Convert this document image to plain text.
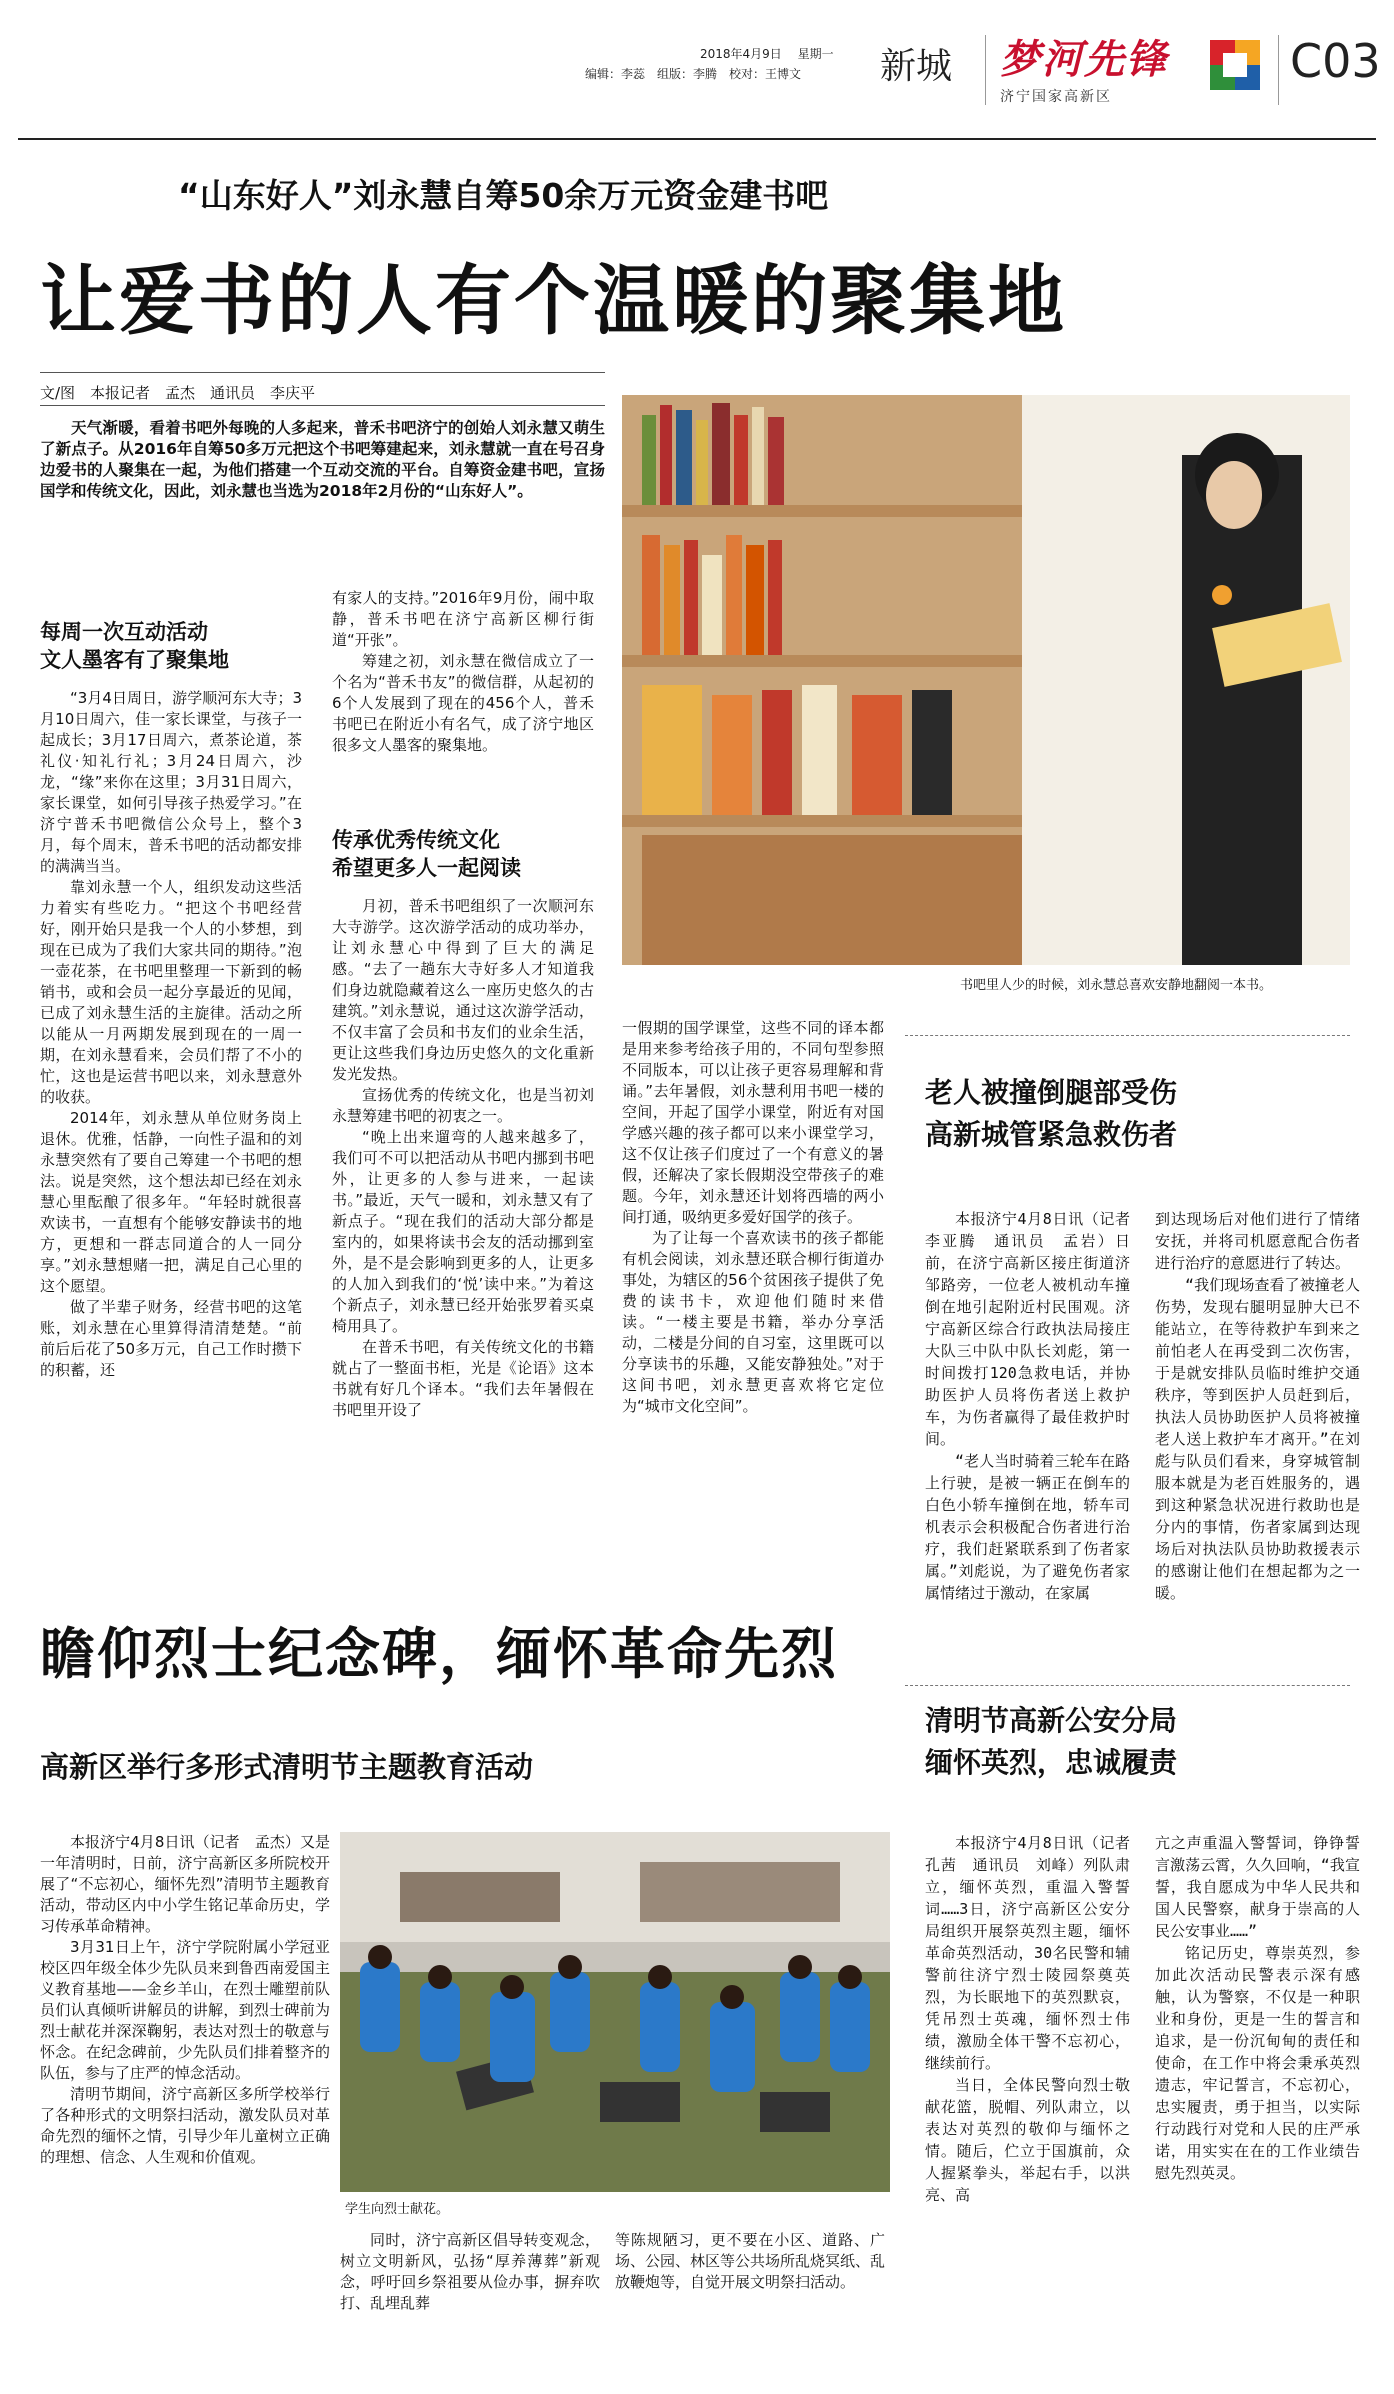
2018年4月9日　 星期一
编辑：李蕊　组版：李腾　校对：王博文 新城 梦河先锋
济宁国家高新区
C03
“山东好人”刘永慧自筹50余万元资金建书吧
让爱书的人有个温暖的聚集地
文/图　本报记者　孟杰　通讯员　李庆平
天气渐暖，看着书吧外每晚的人多起来，普禾书吧济宁的创始人刘永慧又萌生了新点子。从2016年自筹50多万元把这个书吧筹建起来，刘永慧就一直在号召身边爱书的人聚集在一起，为他们搭建一个互动交流的平台。自筹资金建书吧，宣扬国学和传统文化，因此，刘永慧也当选为2018年2月份的“山东好人”。
书吧里人少的时候，刘永慧总喜欢安静地翻阅一本书。
每周一次互动活动
文人墨客有了聚集地

“3月4日周日，游学顺河东大寺；3月10日周六，佳一家长课堂，与孩子一起成长；3月17日周六，煮茶论道，茶礼仪·知礼行礼；3月24日周六，沙龙，“缘”来你在这里；3月31日周六，家长课堂，如何引导孩子热爱学习。”在济宁普禾书吧微信公众号上，整个3月，每个周末，普禾书吧的活动都安排的满满当当。

靠刘永慧一个人，组织发动这些活力着实有些吃力。“把这个书吧经营好，刚开始只是我一个人的小梦想，到现在已成为了我们大家共同的期待。”泡一壶花茶，在书吧里整理一下新到的畅销书，或和会员一起分享最近的见闻，已成了刘永慧生活的主旋律。活动之所以能从一月两期发展到现在的一周一期，在刘永慧看来，会员们帮了不小的忙，这也是运营书吧以来，刘永慧意外的收获。

2014年，刘永慧从单位财务岗上退休。优雅，恬静，一向性子温和的刘永慧突然有了要自己筹建一个书吧的想法。说是突然，这个想法却已经在刘永慧心里酝酿了很多年。“年轻时就很喜欢读书，一直想有个能够安静读书的地方，更想和一群志同道合的人一同分享。”刘永慧想赌一把，满足自己心里的这个愿望。

做了半辈子财务，经营书吧的这笔账，刘永慧在心里算得清清楚楚。“前前后后花了50多万元，自己工作时攒下的积蓄，还

有家人的支持。”2016年9月份，闹中取静，普禾书吧在济宁高新区柳行街道“开张”。

筹建之初，刘永慧在微信成立了一个名为“普禾书友”的微信群，从起初的6个人发展到了现在的456个人，普禾书吧已在附近小有名气，成了济宁地区很多文人墨客的聚集地。

传承优秀传统文化
希望更多人一起阅读

月初，普禾书吧组织了一次顺河东大寺游学。这次游学活动的成功举办，让刘永慧心中得到了巨大的满足感。“去了一趟东大寺好多人才知道我们身边就隐藏着这么一座历史悠久的古建筑。”刘永慧说，通过这次游学活动，不仅丰富了会员和书友们的业余生活，更让这些我们身边历史悠久的文化重新发光发热。

宣扬优秀的传统文化，也是当初刘永慧筹建书吧的初衷之一。

“晚上出来遛弯的人越来越多了，我们可不可以把活动从书吧内挪到书吧外，让更多的人参与进来，一起读书。”最近，天气一暖和，刘永慧又有了新点子。“现在我们的活动大部分都是室内的，如果将读书会友的活动挪到室外，是不是会影响到更多的人，让更多的人加入到我们的‘悦’读中来。”为着这个新点子，刘永慧已经开始张罗着买桌椅用具了。

在普禾书吧，有关传统文化的书籍就占了一整面书柜，光是《论语》这本书就有好几个译本。“我们去年暑假在书吧里开设了

一假期的国学课堂，这些不同的译本都是用来参考给孩子用的，不同句型参照不同版本，可以让孩子更容易理解和背诵。”去年暑假，刘永慧利用书吧一楼的空间，开起了国学小课堂，附近有对国学感兴趣的孩子都可以来小课堂学习，这不仅让孩子们度过了一个有意义的暑假，还解决了家长假期没空带孩子的难题。今年，刘永慧还计划将西墙的两小间打通，吸纳更多爱好国学的孩子。

为了让每一个喜欢读书的孩子都能有机会阅读，刘永慧还联合柳行街道办事处，为辖区的56个贫困孩子提供了免费的读书卡，欢迎他们随时来借读。“一楼主要是书籍，举办分享活动，二楼是分间的自习室，这里既可以分享读书的乐趣，又能安静独处。”对于这间书吧，刘永慧更喜欢将它定位为“城市文化空间”。

老人被撞倒腿部受伤
高新城管紧急救伤者

本报济宁4月8日讯（记者　李亚腾　通讯员　孟岩）日前，在济宁高新区接庄街道济邹路旁，一位老人被机动车撞倒在地引起附近村民围观。济宁高新区综合行政执法局接庄大队三中队中队长刘彪，第一时间拨打120急救电话，并协助医护人员将伤者送上救护车，为伤者赢得了最佳救护时间。

“老人当时骑着三轮车在路上行驶，是被一辆正在倒车的白色小轿车撞倒在地，轿车司机表示会积极配合伤者进行治疗，我们赶紧联系到了伤者家属。”刘彪说，为了避免伤者家属情绪过于激动，在家属

到达现场后对他们进行了情绪安抚，并将司机愿意配合伤者进行治疗的意愿进行了转达。

“我们现场查看了被撞老人伤势，发现右腿明显肿大已不能站立，在等待救护车到来之前怕老人在再受到二次伤害，于是就安排队员临时维护交通秩序，等到医护人员赶到后，执法人员协助医护人员将被撞老人送上救护车才离开。”在刘彪与队员们看来，身穿城管制服本就是为老百姓服务的，遇到这种紧急状况进行救助也是分内的事情，伤者家属到达现场后对执法队员协助救援表示的感谢让他们在想起都为之一暖。

瞻仰烈士纪念碑，缅怀革命先烈
高新区举行多形式清明节主题教育活动

本报济宁4月8日讯（记者　孟杰）又是一年清明时，日前，济宁高新区多所院校开展了“不忘初心，缅怀先烈”清明节主题教育活动，带动区内中小学生铭记革命历史，学习传承革命精神。

3月31日上午，济宁学院附属小学冠亚校区四年级全体少先队员来到鲁西南爱国主义教育基地——金乡羊山，在烈士雕塑前队员们认真倾听讲解员的讲解，到烈士碑前为烈士献花并深深鞠躬，表达对烈士的敬意与怀念。在纪念碑前，少先队员们排着整齐的队伍，参与了庄严的悼念活动。

清明节期间，济宁高新区多所学校举行了各种形式的文明祭扫活动，激发队员对革命先烈的缅怀之情，引导少年儿童树立正确的理想、信念、人生观和价值观。

学生向烈士献花。

同时，济宁高新区倡导转变观念，树立文明新风，弘扬“厚养薄葬”新观念，呼吁回乡祭祖要从俭办事，摒弃吹打、乱埋乱葬

等陈规陋习，更不要在小区、道路、广场、公园、林区等公共场所乱烧冥纸、乱放鞭炮等，自觉开展文明祭扫活动。

清明节高新公安分局
缅怀英烈，忠诚履责

本报济宁4月8日讯（记者　孔茜　通讯员　刘峰）列队肃立，缅怀英烈，重温入警誓词……3日，济宁高新区公安分局组织开展祭英烈主题，缅怀革命英烈活动，30名民警和辅警前往济宁烈士陵园祭奠英烈，为长眠地下的英烈默哀，凭吊烈士英魂，缅怀烈士伟绩，激励全体干警不忘初心，继续前行。

当日，全体民警向烈士敬献花篮，脱帽、列队肃立，以表达对英烈的敬仰与缅怀之情。随后，伫立于国旗前，众人握紧拳头，举起右手，以洪亮、高

亢之声重温入警誓词，铮铮誓言激荡云霄，久久回响，“我宣誓，我自愿成为中华人民共和国人民警察，献身于崇高的人民公安事业……”

铭记历史，尊崇英烈，参加此次活动民警表示深有感触，认为警察，不仅是一种职业和身份，更是一生的誓言和追求，是一份沉甸甸的责任和使命，在工作中将会秉承英烈遗志，牢记誓言，不忘初心，忠实履责，勇于担当，以实际行动践行对党和人民的庄严承诺，用实实在在的工作业绩告慰先烈英灵。
